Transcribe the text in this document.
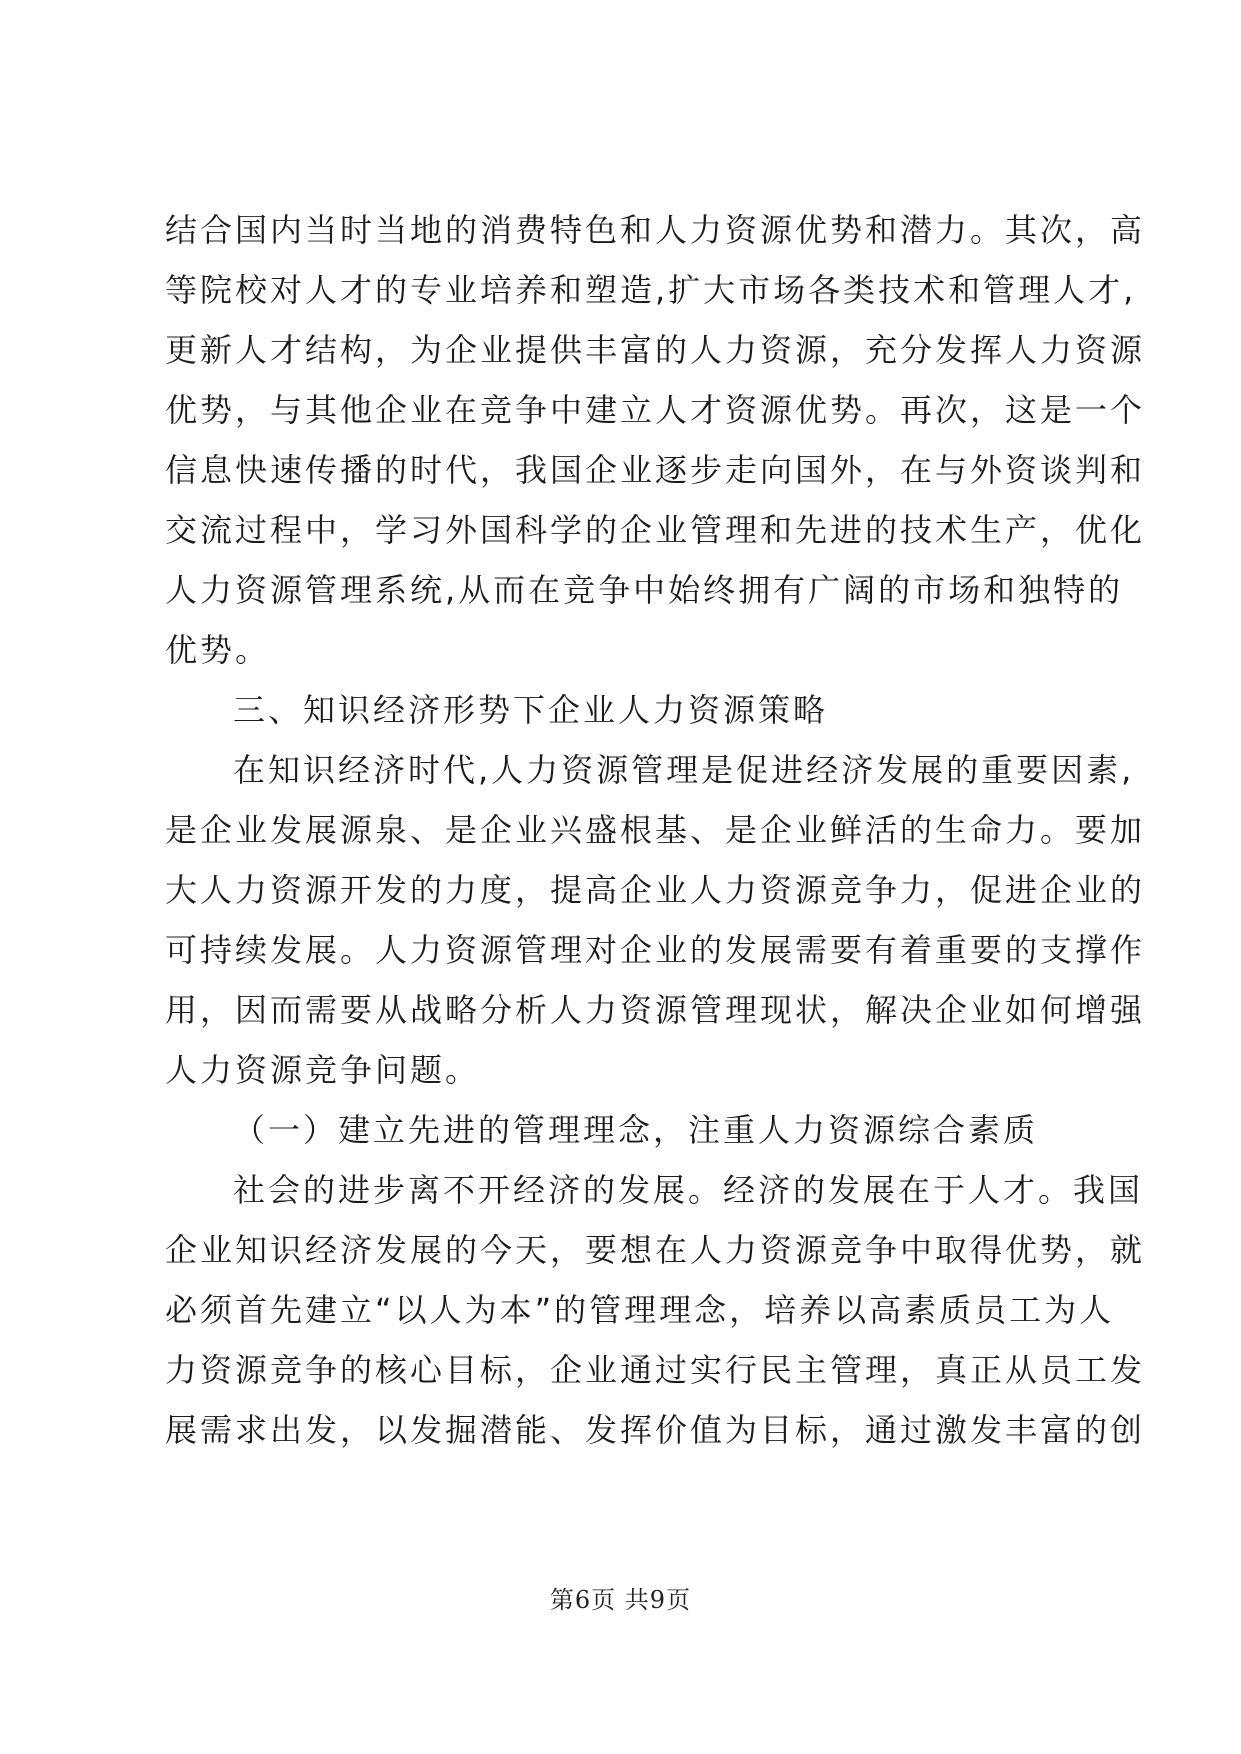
结合国内当时当地的消费特色和人力资源优势和潜力。其次，高
等院校对人才的专业培养和塑造,扩大市场各类技术和管理人才,
更新人才结构，为企业提供丰富的人力资源，充分发挥人力资源
优势，与其他企业在竞争中建立人才资源优势。再次，这是一个
信息快速传播的时代，我国企业逐步走向国外，在与外资谈判和
交流过程中，学习外国科学的企业管理和先进的技术生产，优化
人力资源管理系统,从而在竞争中始终拥有广阔的市场和独特的
优势。
三、知识经济形势下企业人力资源策略
在知识经济时代,人力资源管理是促进经济发展的重要因素,
是企业发展源泉、是企业兴盛根基、是企业鲜活的生命力。要加
大人力资源开发的力度，提高企业人力资源竞争力，促进企业的
可持续发展。人力资源管理对企业的发展需要有着重要的支撑作
用，因而需要从战略分析人力资源管理现状，解决企业如何增强
人力资源竞争问题。
（一）建立先进的管理理念，注重人力资源综合素质
社会的进步离不开经济的发展。经济的发展在于人才。我国
企业知识经济发展的今天，要想在人力资源竞争中取得优势，就
必须首先建立“以人为本”的管理理念，培养以高素质员工为人
力资源竞争的核心目标，企业通过实行民主管理，真正从员工发
展需求出发，以发掘潜能、发挥价值为目标，通过激发丰富的创
第6页 共9页
